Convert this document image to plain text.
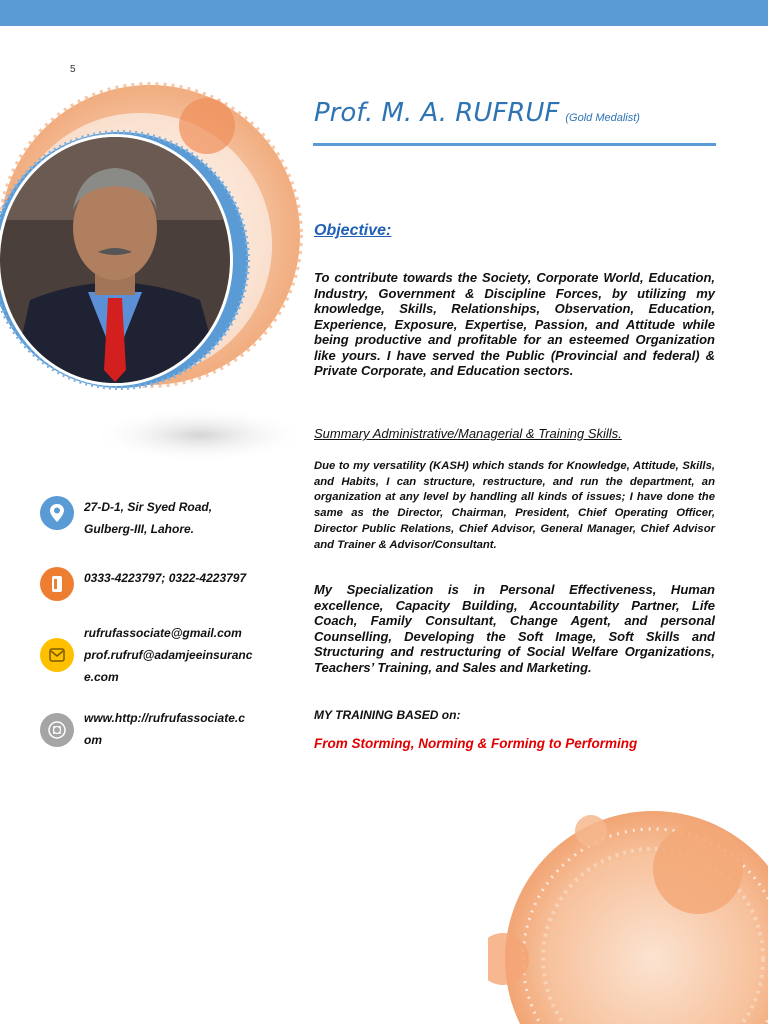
5
Prof. M. A. RUFRUF (Gold Medalist)
Objective:
To contribute towards the Society, Corporate World, Education, Industry, Government & Discipline Forces, by utilizing my knowledge, Skills, Relationships, Observation, Education, Experience, Exposure, Expertise, Passion, and Attitude while being productive and profitable for an esteemed Organization like yours. I have served the Public (Provincial and federal) & Private Corporate, and Education sectors.
Summary Administrative/Managerial & Training Skills.
Due to my versatility (KASH) which stands for Knowledge, Attitude, Skills, and Habits, I can structure, restructure, and run the department, an organization at any level by handling all kinds of issues; I have done the same as the Director, Chairman, President, Chief Operating Officer, Director Public Relations, Chief Advisor, General Manager, Chief Advisor and Trainer & Advisor/Consultant.
My Specialization is in Personal Effectiveness, Human excellence, Capacity Building, Accountability Partner, Life Coach, Family Consultant, Change Agent, and personal Counselling, Developing the Soft Image, Soft Skills and Structuring and restructuring of Social Welfare Organizations, Teachers’ Training, and Sales and Marketing.
MY TRAINING BASED on:
From Storming, Norming & Forming to Performing
27-D-1, Sir Syed Road,
Gulberg-III, Lahore.
0333-4223797; 0322-4223797
rufrufassociate@gmail.com
prof.rufruf@adamjeeinsuranc
e.com
www.http://rufrufassociate.c
om
